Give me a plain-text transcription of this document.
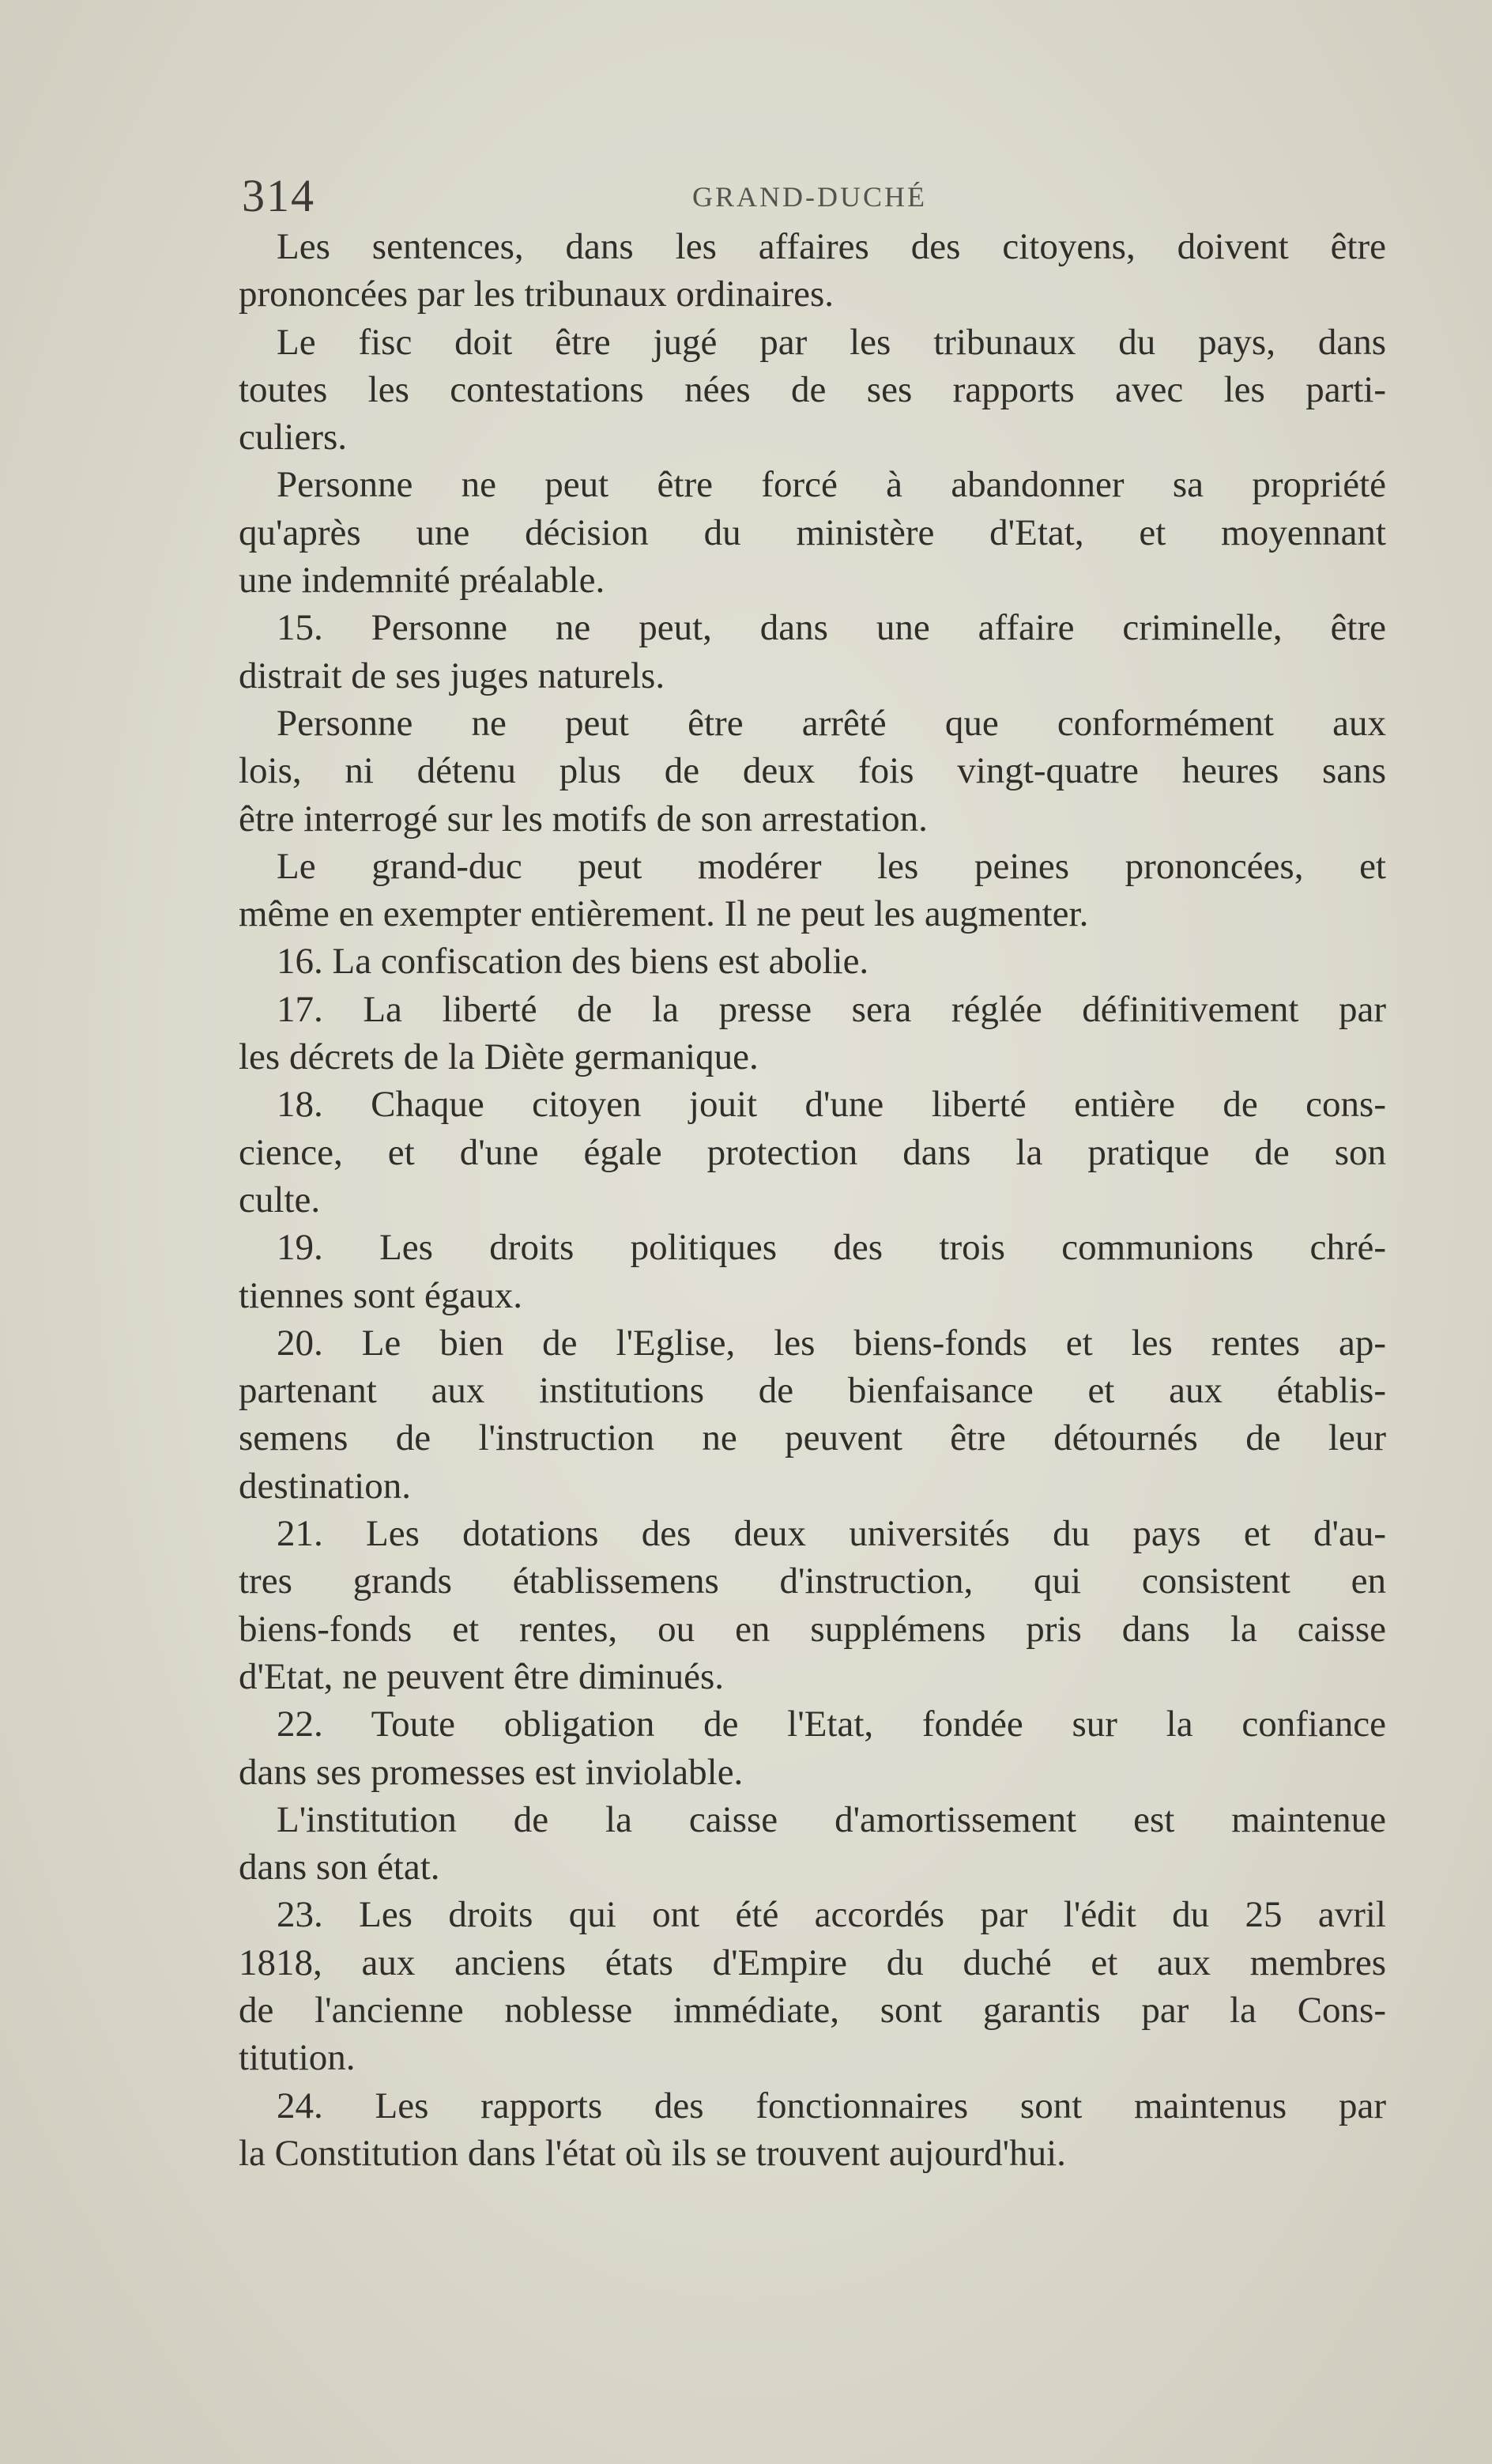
314	GRAND-DUCHÉ
Les sentences, dans les affaires des citoyens, doivent être
prononcées par les tribunaux ordinaires.
Le fisc doit être jugé par les tribunaux du pays, dans
toutes les contestations nées de ses rapports avec les parti-
culiers.
Personne ne peut être forcé à abandonner sa propriété
qu'après une décision du ministère d'Etat, et moyennant
une indemnité préalable.
15. Personne ne peut, dans une affaire criminelle, être
distrait de ses juges naturels.
Personne ne peut être arrêté que conformément aux
lois, ni détenu plus de deux fois vingt-quatre heures sans
être interrogé sur les motifs de son arrestation.
Le grand-duc peut modérer les peines prononcées, et
même en exempter entièrement. Il ne peut les augmenter.
16. La confiscation des biens est abolie.
17. La liberté de la presse sera réglée définitivement par
les décrets de la Diète germanique.
18. Chaque citoyen jouit d'une liberté entière de cons-
cience, et d'une égale protection dans la pratique de son
culte.
19. Les droits politiques des trois communions chré-
tiennes sont égaux.
20. Le bien de l'Eglise, les biens-fonds et les rentes ap-
partenant aux institutions de bienfaisance et aux établis-
semens de l'instruction ne peuvent être détournés de leur
destination.
21. Les dotations des deux universités du pays et d'au-
tres grands établissemens d'instruction, qui consistent en
biens-fonds et rentes, ou en supplémens pris dans la caisse
d'Etat, ne peuvent être diminués.
22. Toute obligation de l'Etat, fondée sur la confiance
dans ses promesses est inviolable.
L'institution de la caisse d'amortissement est maintenue
dans son état.
23. Les droits qui ont été accordés par l'édit du 25 avril
1818, aux anciens états d'Empire du duché et aux membres
de l'ancienne noblesse immédiate, sont garantis par la Cons-
titution.
24. Les rapports des fonctionnaires sont maintenus par
la Constitution dans l'état où ils se trouvent aujourd'hui.
